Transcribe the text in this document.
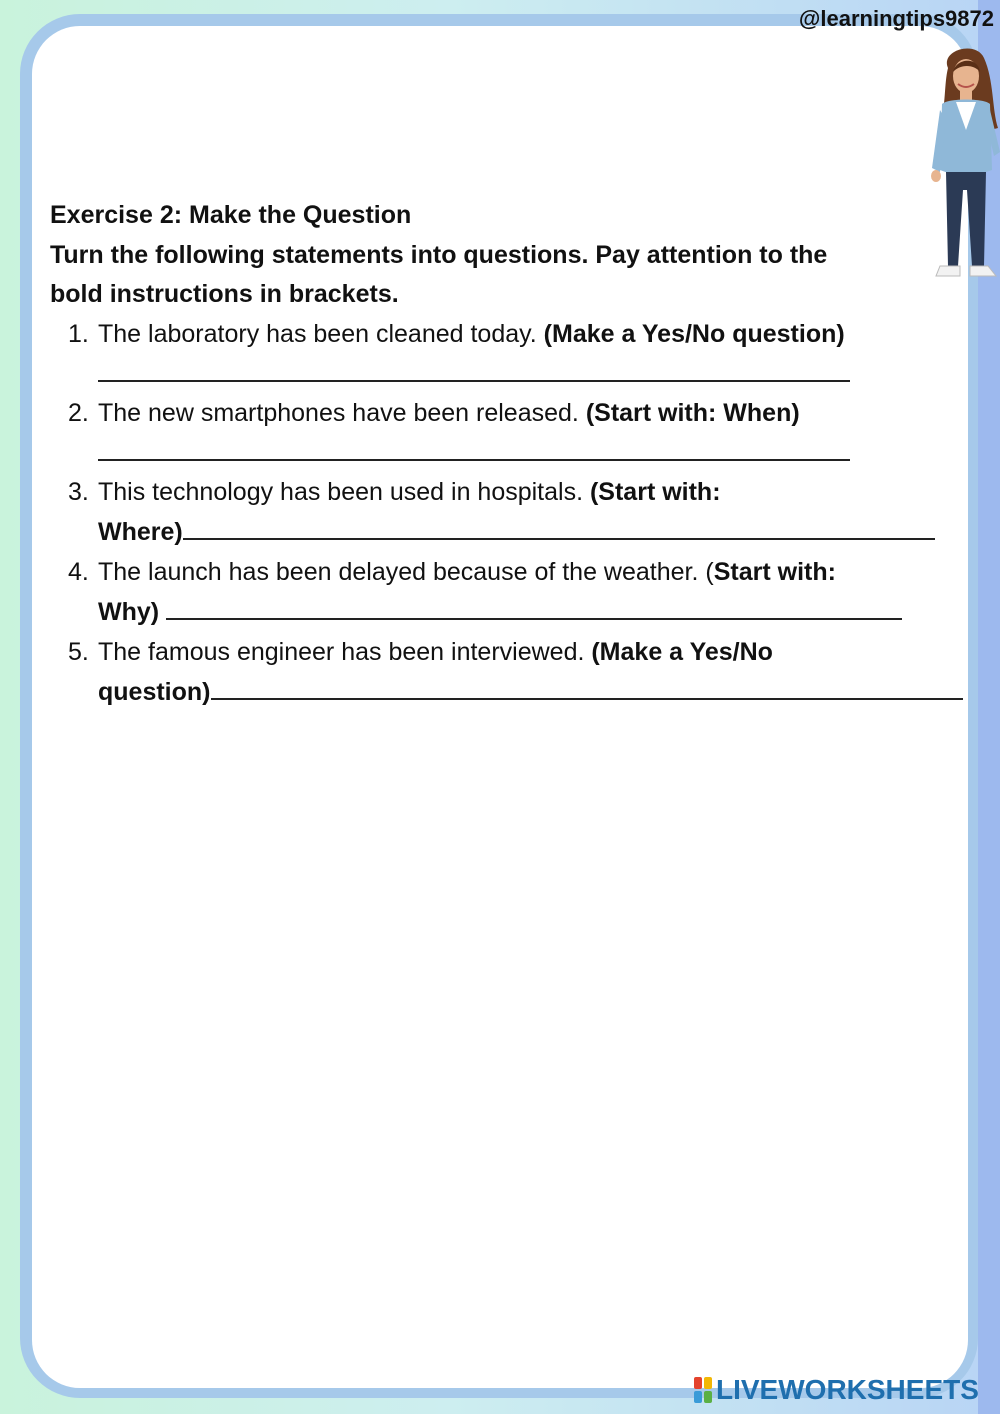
@learningtips9872
Exercise 2: Make the Question
Turn the following statements into questions. Pay attention to the
bold instructions in brackets.
1. The laboratory has been cleaned today. (Make a Yes/No question)
2. The new smartphones have been released. (Start with: When)
3. This technology has been used in hospitals. (Start with:
Where)
4. The launch has been delayed because of the weather. (Start with:
Why)
5. The famous engineer has been interviewed. (Make a Yes/No
question)
LIVEWORKSHEETS
